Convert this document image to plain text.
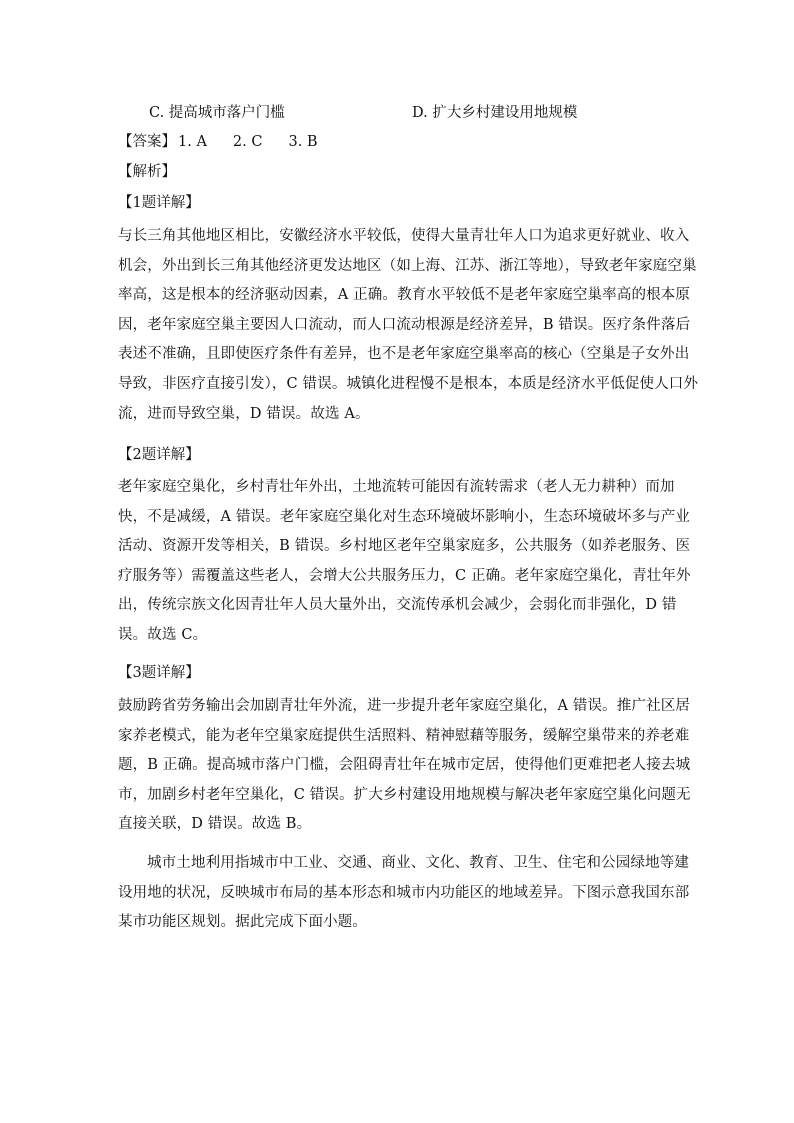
C. 提高城市落户门槛	D. 扩大乡村建设用地规模
【答案】 1. A 2. C 3. B
【解析】
【1题详解】
与长三角其他地区相比，安徽经济水平较低，使得大量青壮年人口为追求更好就业、收入
机会，外出到长三角其他经济更发达地区（如上海、江苏、浙江等地），导致老年家庭空巢
率高，这是根本的经济驱动因素，A 正确。教育水平较低不是老年家庭空巢率高的根本原
因，老年家庭空巢主要因人口流动，而人口流动根源是经济差异，B 错误。医疗条件落后
表述不准确，且即使医疗条件有差异，也不是老年家庭空巢率高的核心（空巢是子女外出
导致，非医疗直接引发），C 错误。城镇化进程慢不是根本，本质是经济水平低促使人口外
流，进而导致空巢，D 错误。故选 A。
【2题详解】
老年家庭空巢化，乡村青壮年外出，土地流转可能因有流转需求（老人无力耕种）而加
快，不是减缓，A 错误。老年家庭空巢化对生态环境破坏影响小，生态环境破坏多与产业
活动、资源开发等相关，B 错误。乡村地区老年空巢家庭多，公共服务（如养老服务、医
疗服务等）需覆盖这些老人，会增大公共服务压力，C 正确。老年家庭空巢化，青壮年外
出，传统宗族文化因青壮年人员大量外出，交流传承机会减少，会弱化而非强化，D 错
误。故选 C。
【3题详解】
鼓励跨省劳务输出会加剧青壮年外流，进一步提升老年家庭空巢化，A 错误。推广社区居
家养老模式，能为老年空巢家庭提供生活照料、精神慰藉等服务，缓解空巢带来的养老难
题，B 正确。提高城市落户门槛，会阻碍青壮年在城市定居，使得他们更难把老人接去城
市，加剧乡村老年空巢化，C 错误。扩大乡村建设用地规模与解决老年家庭空巢化问题无
直接关联，D 错误。故选 B。
城市土地利用指城市中工业、交通、商业、文化、教育、卫生、住宅和公园绿地等建
设用地的状况，反映城市布局的基本形态和城市内功能区的地域差异。下图示意我国东部
某市功能区规划。据此完成下面小题。
